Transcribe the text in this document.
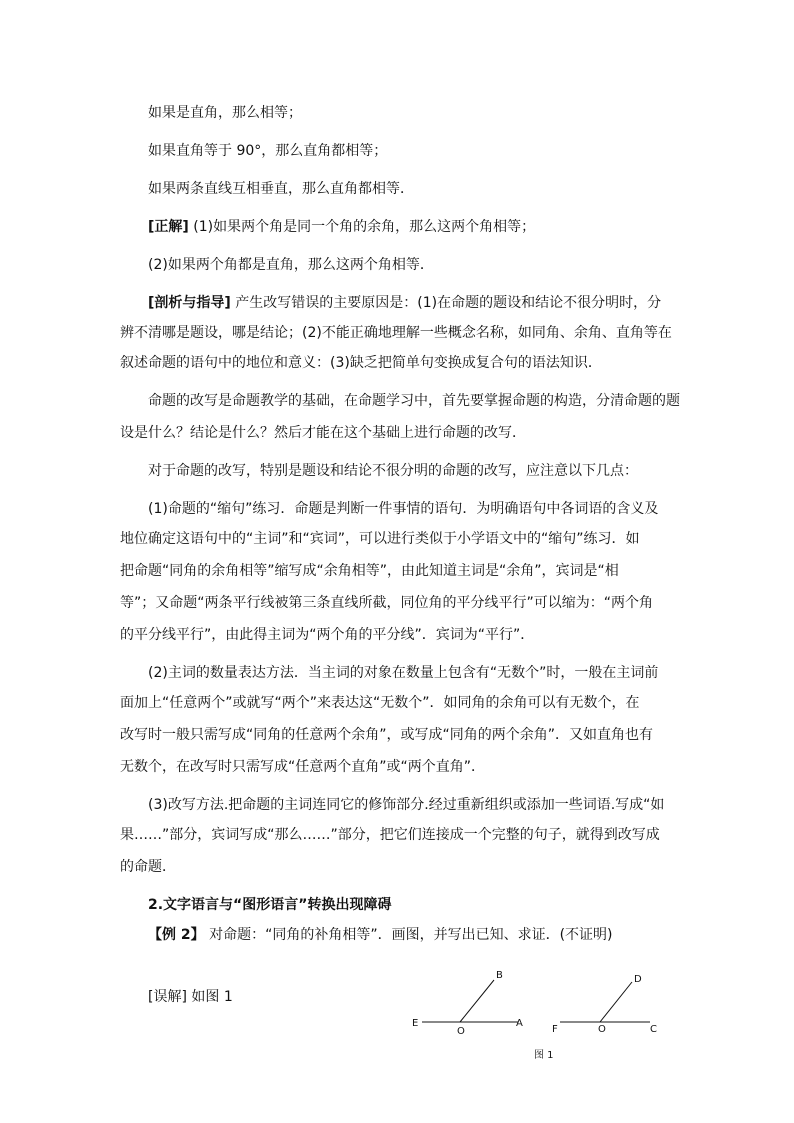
如果是直角，那么相等；
如果直角等于 90°，那么直角都相等；
如果两条直线互相垂直，那么直角都相等．
[正解] (1)如果两个角是同一个角的余角，那么这两个角相等；
(2)如果两个角都是直角，那么这两个角相等．
[剖析与指导] 产生改写错误的主要原因是：(1)在命题的题设和结论不很分明时，分
辨不清哪是题设，哪是结论；(2)不能正确地理解一些概念名称，如同角、余角、直角等在
叙述命题的语句中的地位和意义：(3)缺乏把简单句变换成复合句的语法知识．
命题的改写是命题教学的基础，在命题学习中，首先要掌握命题的构造，分清命题的题
设是什么？结论是什么？然后才能在这个基础上进行命题的改写．
对于命题的改写，特别是题设和结论不很分明的命题的改写，应注意以下几点：
(1)命题的“缩句”练习．命题是判断一件事情的语句．为明确语句中各词语的含义及
地位确定这语句中的“主词”和“宾词”，可以进行类似于小学语文中的“缩句”练习．如
把命题“同角的余角相等”缩写成“余角相等”，由此知道主词是“余角”，宾词是“相
等”；又命题“两条平行线被第三条直线所截，同位角的平分线平行”可以缩为：“两个角
的平分线平行”，由此得主词为“两个角的平分线”．宾词为“平行”．
(2)主词的数量表达方法．当主词的对象在数量上包含有“无数个”时，一般在主词前
面加上“任意两个”或就写“两个”来表达这“无数个”．如同角的余角可以有无数个，在
改写时一般只需写成“同角的任意两个余角”，或写成“同角的两个余角”．又如直角也有
无数个，在改写时只需写成“任意两个直角”或“两个直角”．
(3)改写方法.把命题的主词连同它的修饰部分.经过重新组织或添加一些词语.写成“如
果……”部分，宾词写成“那么……”部分，把它们连接成一个完整的句子，就得到改写成
的命题．
2.文字语言与“图形语言”转换出现障碍
【例 2】 对命题：“同角的补角相等”．画图，并写出已知、求证．(不证明)
[误解] 如图 1
B
E
O
A
D
F	O	C
图 1
